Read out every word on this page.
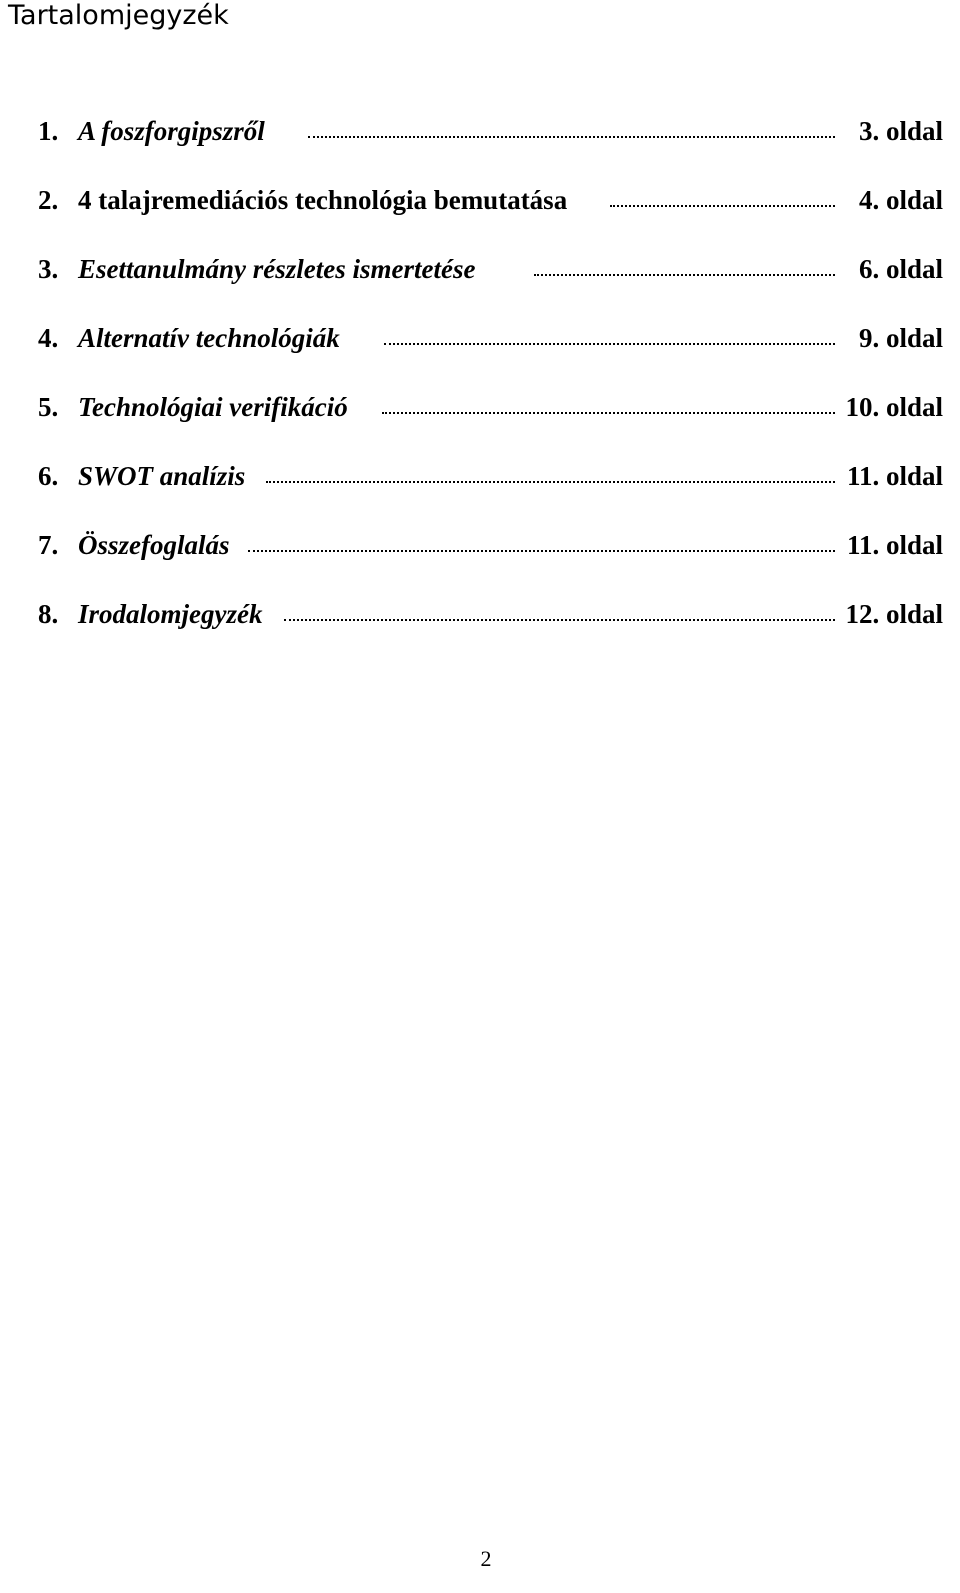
Tartalomjegyzék
1. A foszforgipszről	3. oldal
2. 4 talajremediációs technológia bemutatása	4. oldal
3. Esettanulmány részletes ismertetése	6. oldal
4. Alternatív technológiák	9. oldal
5. Technológiai verifikáció	10. oldal
6. SWOT analízis	11. oldal
7. Összefoglalás	11. oldal
8. Irodalomjegyzék	12. oldal
2
